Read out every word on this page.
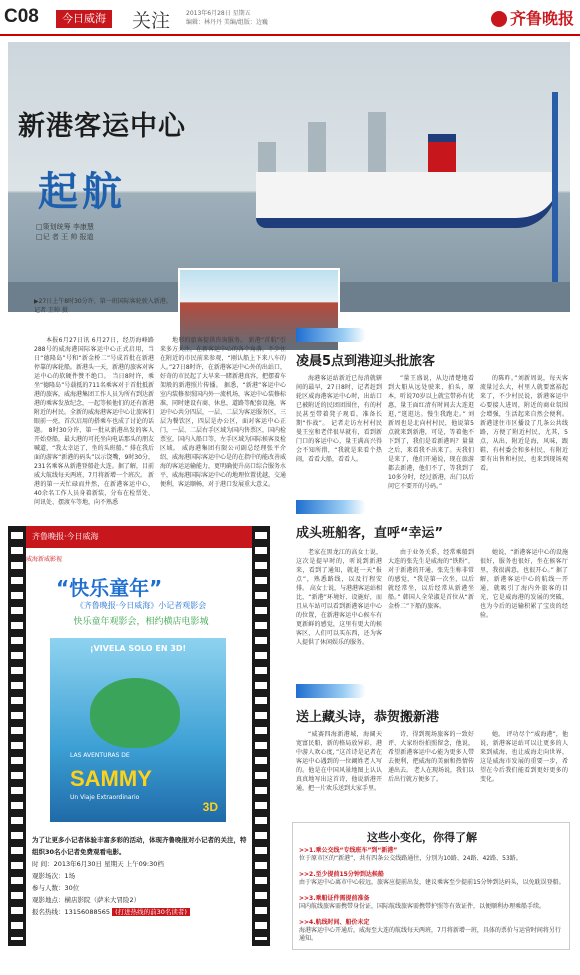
C08	今日威海	关注	2013年6月28日 星期五
编辑：林丹丹 美编/组版：边巍	齐鲁晚报
新港客运中心
起航
□策划统筹 李康慧
□记 者 王 帅 报道
▶27日上午8时30分许，第一班国际客轮驶入新港。 记者 王帅 摄
本报6月27日讯 6月27日，经历海峰路288号的威海港国际客运中心正式启用，当日“德隆岛”号和“新金桥二”号成首批在新港停靠的客轮船。新港头一天，新港的旅客对客运中心的软硬件赞不绝口。 当日8时许，乘坐“德隆岛”号载抵的711名乘客对于首批抵新港的旅客，威海港集团工作人员为所有到达新港的乘客发放纪念，一起等候他们的还有新港附近的村民。全新的威海港客运中心让旅客们眼前一亮，首次启用的搭乘车也成了讨论的话题。 8时30分许，第一批从新港出发的客人开始登船，最大港的可托坐向电话那头的朋友喊道，“我太幸运了，坐的头班船。” 排在我后面的游客“新港的码头”以示饶嘴，9时30分，231名乘客从新港登船赴大连。据了解，目前威大航线每天两班，7月将新增一个班次。 新港的第一天忙碌而井然，在新港客运中心，40余名工作人员身着新装，分布在检票处、问讯处、摆渡车等地，向不熟悉
地形的旅客提供咨询服务。 新港“首航”引来多方关注，在新客运中心的各个角落，不少住在附近的市民前来参观，“刚认船上下来八车的人。”27日8时许，在新港客运中心外的出站口，好奇的市民起了大早来一睹新港真容，把摆着车架般的新港照片传播。 据悉，“新港”客运中心室内装修参照国内外一流机场，客运中心装修标准，同时建设有商、休息，道路等配套设施，客运中心共分四层，一层、二层为客运服务区，三层为餐饮区，四层是办公区，面对客运中心正门，一层、二层右手区域为国内售票区，国内检票室，国内入船口等，左手区域为国际候客及检区域。 威海港集团有限公司副总经理张平介绍，威海港国际客运中心是的在指中的能改善威海的客运运输能力，更明确使升高口综合服务水平，威海港国际客运中心的地理位置优越，交通便利，客运顺畅，对于港口发展重大意义。
齐鲁晚报·今日威海
威海新威影视
“快乐童年”
《齐鲁晚报·今日威海》小记者观影会
快乐童年观影会，相约横店电影城
¡VIVELA SOLO EN 3D!
LAS AVENTURAS DE
SAMMY
Un Viaje Extraordinario
3D
为了让更多小记者体验丰富多彩的活动，体现齐鲁晚报对小记者的关注，特组织30名小记者免费观看电影。
时 间：2013年6月30日 星期天 上午09:30档
观影场次：1场
参与人数：30位
观影地点：横店影院（萨米大冒险2）
报名热线：13156088565 (打进热线的前30名读者)
凌晨5点到港迎头批旅客
海港客运站新近已每消就辖间的最早，27日8时，记者赶到轮区威海港客运中心时，出站口已被附近的民团团围住，有的村民甚至带着凳子观看，准备长期“作战”。 记者走访左村村民曼王室和老伴很早就有，看到新门口的客运中心，量王满高兴得会不知所措，“我就是来看个热闹，看看大船，看看人。
”量王盛说，从边清楚地看到大船从远处驶来，拍头，原本，听说70岁以上就宝带孙有优惠，量王面红清有时间去大连逛逛，”逛逛达。慢生我跑走。” 刘新周也是北向村村民，他说第5点就来到新港，可是，等着他不下到了，我们是看新港吗？量量之后，来看我不出来了。天我们是来了，他们开通说，现在旅游都去新港，他们不了，等我到了10多分时，经过新港，出门以后问它不要开的号码。”
的陈昨。”刘新周说，每天客流量过么大，村里人就要富裕起来了，不少村民说，新港客运中心要接人进周，附近的商业氛围会增强，生活起来自然会便利。 新港迷住市区播设了几条公共线路，方便了附近村民，尤其，5点，从出，附近是海，风味，跟鞋，有村委会和多村民，有附近要有出售和村民，也来到现场观看。
成头班船客，直呼“幸运”
老家在黑龙江的高女士说，这次是提早时的，听说到新港来，看到了通知，就赶一天“报点”，熟悉路线，以及行程安排。 高女士说，与港港客运站相比，“新港”环境好、设施好，而且从车站可以看到新港客运中心的位置，在新港客运中心候车有更新鲜的感觉，这里有更大的候客区，人们可以买东西，还为客人提供了休闲娱乐的服务。
由于业务关系，经常乘船到大连的张先生是威海的“铁粉”，对于新港的开通，张先生称非常的感觉，“我是第一次坐，以后就经常坐，以后经常从新港坐船。” 韩国人全荣淑是首位从“新金桥二”下船的旅客。
她说，“新港客运中心的设施很好，服务也很好，坐在候客厅里，我很满意，也很开心。” 据了解，新港客运中心的航线一开通，就吸引了海内外旅客的目光，它是威海港的发展的突破，也为今后的运输积累了宝贵的经验。
送上藏头诗，恭贺搬新港
“威赛四海新港城，海阔天宽富民船，新的格局放异彩，港中游人欢心度，”这首诗是记者在客运中心遇到的一位阚姓老人写的。他是在中国风景地图上认认真真地写出这首诗，他说新港开通，把一片欢乐送到大家手里。
诗，得到现场旅客的一致好评，大家纷纷拍照留念，他说，希望新港客运中心能为更多人带去便利，把威海的美丽和热情传递出去。 老人在现场说，我们以后出行就方便多了。
她。 评功尽个“威海港”，他说，新港客运站可以让更多的人来到威海，也让威海走向世界，这是威海市发展的重要一步，希望在今后我们能看到更好更多的变化。
这些小变化，你得了解
>>1.乘公交线“专线班车”到“新港”
位于原市区的“新港”，共有四条公交线路通往，分别为10路、24路、42路、53路。
>>2.至少提前15分钟到达候船
由于客运中心离市中心较远，旅客应提前出发，建议乘客至少提前15分钟到达码头，以免耽误登船。
>>3.乘船证件需提前准备
国内航线旅客需携带身份证，国际航线旅客需携带护照等有效证件，以便顺利办理乘船手续。
>>4.航线时间、船价未定
海港客运中心开通后，威海至大连的航线每天两班，7月将新增一班，具体的票价与运营时间将另行通知。
